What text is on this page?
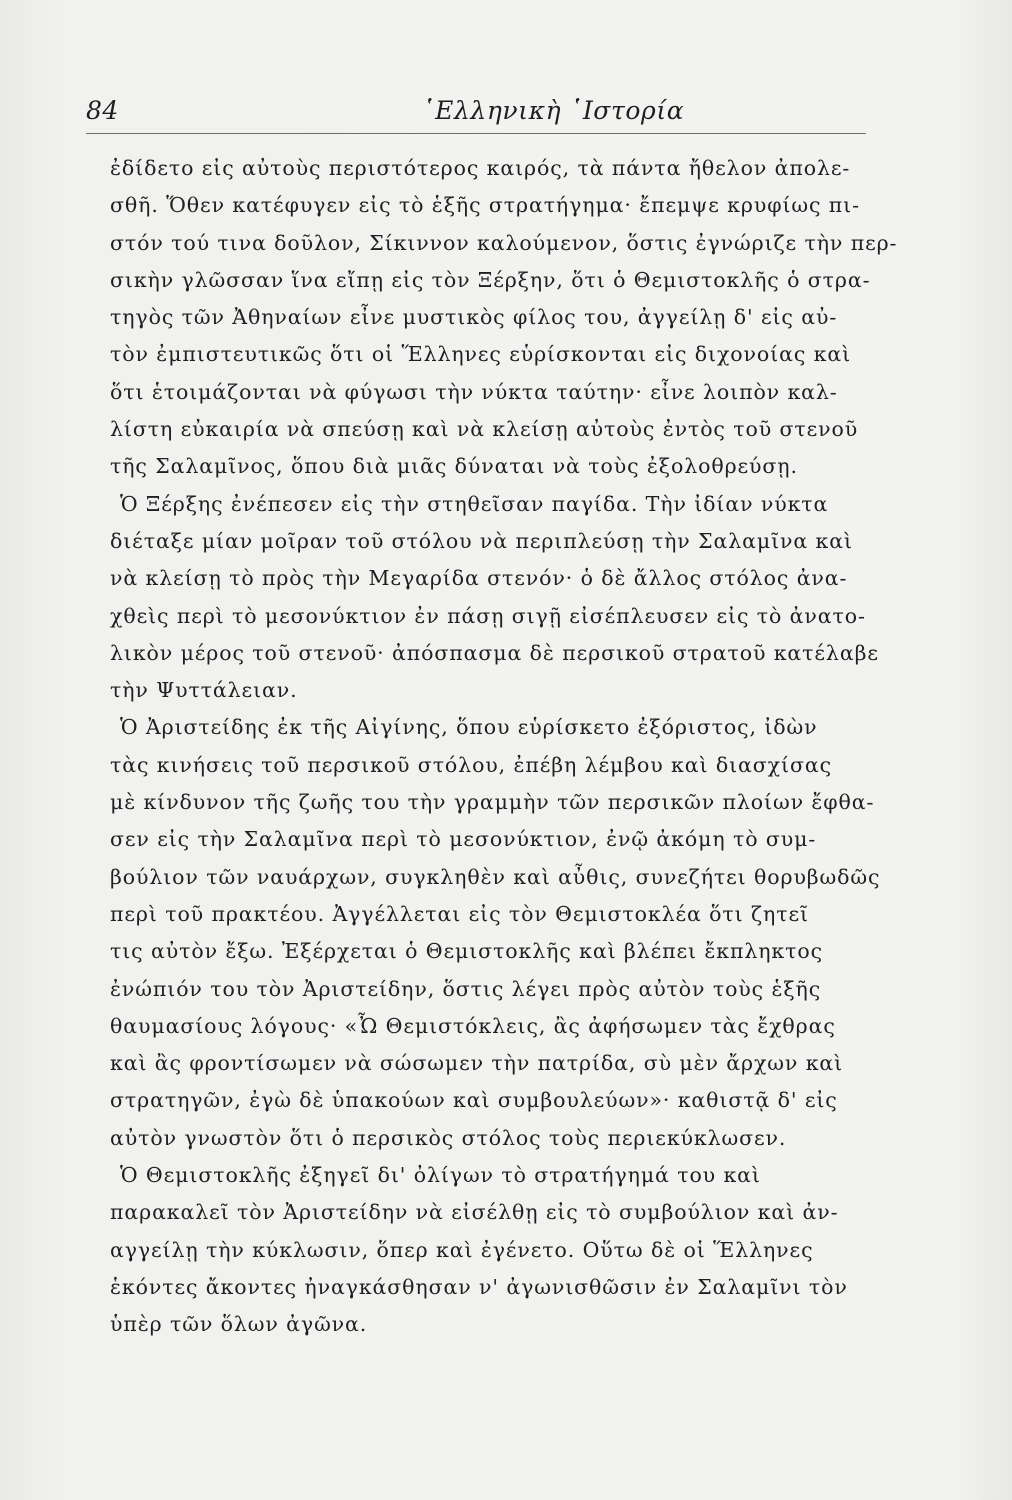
84	῾Ελληνικὴ ῾Ιστορία
ἐδίδετο εἰς αὐτοὺς περιστότερος καιρός, τὰ πάντα ἤθελον ἀπολε-
σθῆ. Ὅθεν κατέφυγεν εἰς τὸ ἑξῆς στρατήγημα· ἔπεμψε κρυφίως πι-
στόν τού τινα δοῦλον, Σίκιννον καλούμενον, ὅστις ἐγνώριζε τὴν περ-
σικὴν γλῶσσαν ἵνα εἴπῃ εἰς τὸν Ξέρξην, ὅτι ὁ Θεμιστοκλῆς ὁ στρα-
τηγὸς τῶν Ἀθηναίων εἶνε μυστικὸς φίλος του, ἀγγείλῃ δ' εἰς αὐ-
τὸν ἐμπιστευτικῶς ὅτι οἱ Ἕλληνες εὑρίσκονται εἰς διχονοίας καὶ
ὅτι ἑτοιμάζονται νὰ φύγωσι τὴν νύκτα ταύτην· εἶνε λοιπὸν καλ-
λίστη εὐκαιρία νὰ σπεύσῃ καὶ νὰ κλείσῃ αὐτοὺς ἐντὸς τοῦ στενοῦ
τῆς Σαλαμῖνος, ὅπου διὰ μιᾶς δύναται νὰ τοὺς ἐξολοθρεύσῃ.
Ὁ Ξέρξης ἐνέπεσεν εἰς τὴν στηθεῖσαν παγίδα. Τὴν ἰδίαν νύκτα
διέταξε μίαν μοῖραν τοῦ στόλου νὰ περιπλεύσῃ τὴν Σαλαμῖνα καὶ
νὰ κλείσῃ τὸ πρὸς τὴν Μεγαρίδα στενόν· ὁ δὲ ἄλλος στόλος ἀνα-
χθεὶς περὶ τὸ μεσονύκτιον ἐν πάσῃ σιγῇ εἰσέπλευσεν εἰς τὸ ἀνατο-
λικὸν μέρος τοῦ στενοῦ· ἀπόσπασμα δὲ περσικοῦ στρατοῦ κατέλαβε
τὴν Ψυττάλειαν.
Ὁ Ἀριστείδης ἐκ τῆς Αἰγίνης, ὅπου εὑρίσκετο ἐξόριστος, ἰδὼν
τὰς κινήσεις τοῦ περσικοῦ στόλου, ἐπέβη λέμβου καὶ διασχίσας
μὲ κίνδυνον τῆς ζωῆς του τὴν γραμμὴν τῶν περσικῶν πλοίων ἔφθα-
σεν εἰς τὴν Σαλαμῖνα περὶ τὸ μεσονύκτιον, ἐνῷ ἀκόμη τὸ συμ-
βούλιον τῶν ναυάρχων, συγκληθὲν καὶ αὖθις, συνεζήτει θορυβωδῶς
περὶ τοῦ πρακτέου. Ἀγγέλλεται εἰς τὸν Θεμιστοκλέα ὅτι ζητεῖ
τις αὐτὸν ἔξω. Ἐξέρχεται ὁ Θεμιστοκλῆς καὶ βλέπει ἔκπληκτος
ἐνώπιόν του τὸν Ἀριστείδην, ὅστις λέγει πρὸς αὐτὸν τοὺς ἑξῆς
θαυμασίους λόγους· «Ὦ Θεμιστόκλεις, ἂς ἀφήσωμεν τὰς ἔχθρας
καὶ ἂς φροντίσωμεν νὰ σώσωμεν τὴν πατρίδα, σὺ μὲν ἄρχων καὶ
στρατηγῶν, ἐγὼ δὲ ὑπακούων καὶ συμβουλεύων»· καθιστᾷ δ' εἰς
αὐτὸν γνωστὸν ὅτι ὁ περσικὸς στόλος τοὺς περιεκύκλωσεν.
Ὁ Θεμιστοκλῆς ἐξηγεῖ δι' ὀλίγων τὸ στρατήγημά του καὶ
παρακαλεῖ τὸν Ἀριστείδην νὰ εἰσέλθῃ εἰς τὸ συμβούλιον καὶ ἀν-
αγγείλῃ τὴν κύκλωσιν, ὅπερ καὶ ἐγένετο. Οὕτω δὲ οἱ Ἕλληνες
ἑκόντες ἄκοντες ἠναγκάσθησαν ν' ἀγωνισθῶσιν ἐν Σαλαμῖνι τὸν
ὑπὲρ τῶν ὅλων ἀγῶνα.
